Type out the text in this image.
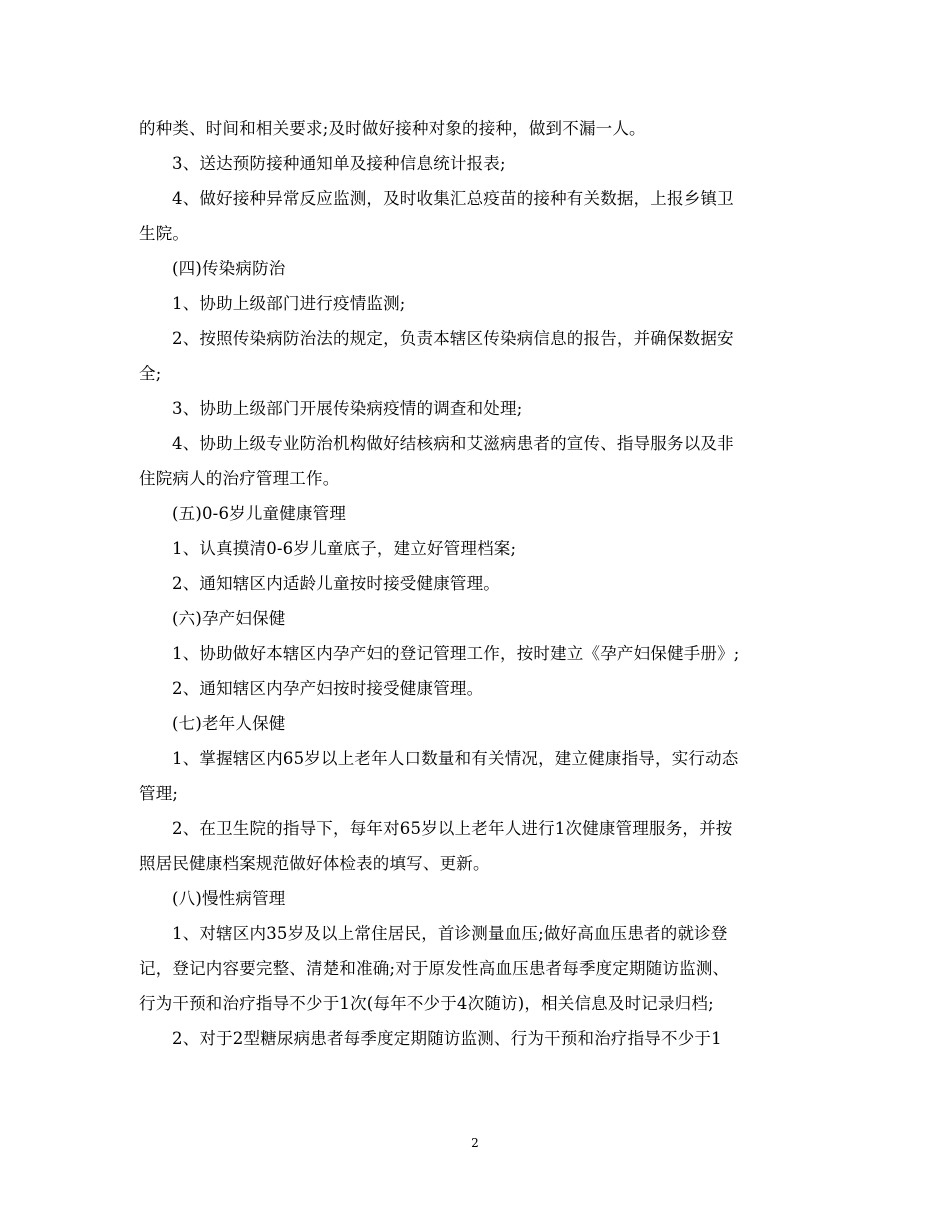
的种类、时间和相关要求;及时做好接种对象的接种，做到不漏一人。
3、送达预防接种通知单及接种信息统计报表;
4、做好接种异常反应监测，及时收集汇总疫苗的接种有关数据，上报乡镇卫
生院。
(四)传染病防治
1、协助上级部门进行疫情监测;
2、按照传染病防治法的规定，负责本辖区传染病信息的报告，并确保数据安
全;
3、协助上级部门开展传染病疫情的调查和处理;
4、协助上级专业防治机构做好结核病和艾滋病患者的宣传、指导服务以及非
住院病人的治疗管理工作。
(五)0-6岁儿童健康管理
1、认真摸清0-6岁儿童底子，建立好管理档案;
2、通知辖区内适龄儿童按时接受健康管理。
(六)孕产妇保健
1、协助做好本辖区内孕产妇的登记管理工作，按时建立《孕产妇保健手册》;
2、通知辖区内孕产妇按时接受健康管理。
(七)老年人保健
1、掌握辖区内65岁以上老年人口数量和有关情况，建立健康指导，实行动态
管理;
2、在卫生院的指导下，每年对65岁以上老年人进行1次健康管理服务，并按
照居民健康档案规范做好体检表的填写、更新。
(八)慢性病管理
1、对辖区内35岁及以上常住居民，首诊测量血压;做好高血压患者的就诊登
记，登记内容要完整、清楚和准确;对于原发性高血压患者每季度定期随访监测、
行为干预和治疗指导不少于1次(每年不少于4次随访)，相关信息及时记录归档;
2、对于2型糖尿病患者每季度定期随访监测、行为干预和治疗指导不少于1
2
